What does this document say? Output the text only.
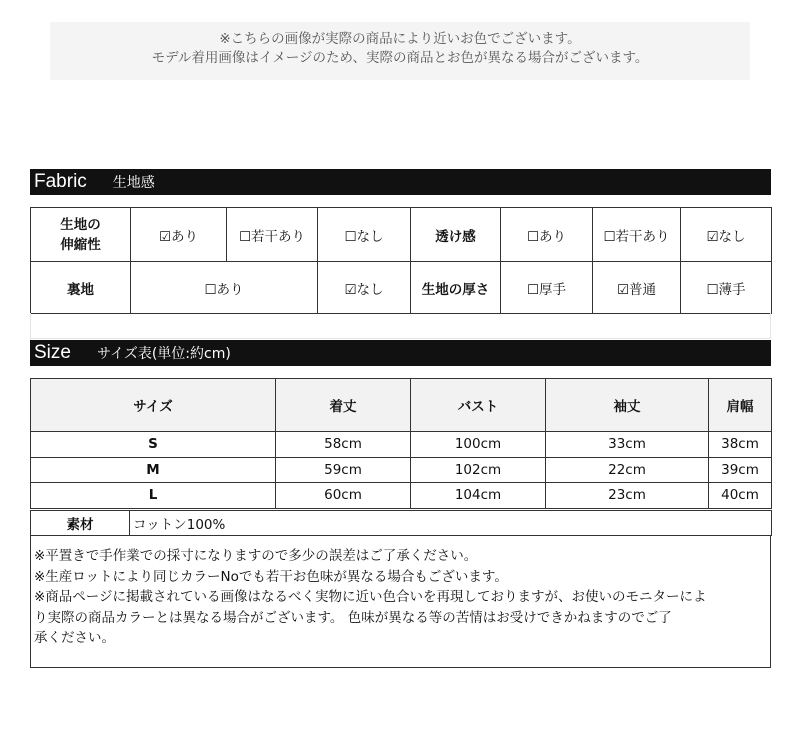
※こちらの画像が実際の商品により近いお色でございます。
モデル着用画像はイメージのため、実際の商品とお色が異なる場合がございます。
Fabric 生地感
生地の
伸縮性	☑あり	☐若干あり	☐なし	透け感	☐あり	☐若干あり	☑なし
裏地	☐あり		☑なし	生地の厚さ	☐厚手	☑普通	☐薄手
Size サイズ表(単位:約cm)
サイズ	着丈	バスト	袖丈	肩幅
S	58cm	100cm	33cm	38cm
M	59cm	102cm	22cm	39cm
L	60cm	104cm	23cm	40cm
素材	コットン100%

※平置きで手作業での採寸になりますので多少の誤差はご了承ください。

※生産ロットにより同じカラーNoでも若干お色味が異なる場合もございます。

※商品ページに掲載されている画像はなるべく実物に近い色合いを再現しておりますが、お使いのモニターによ

り実際の商品カラーとは異なる場合がございます。 色味が異なる等の苦情はお受けできかねますのでご了

承ください。
